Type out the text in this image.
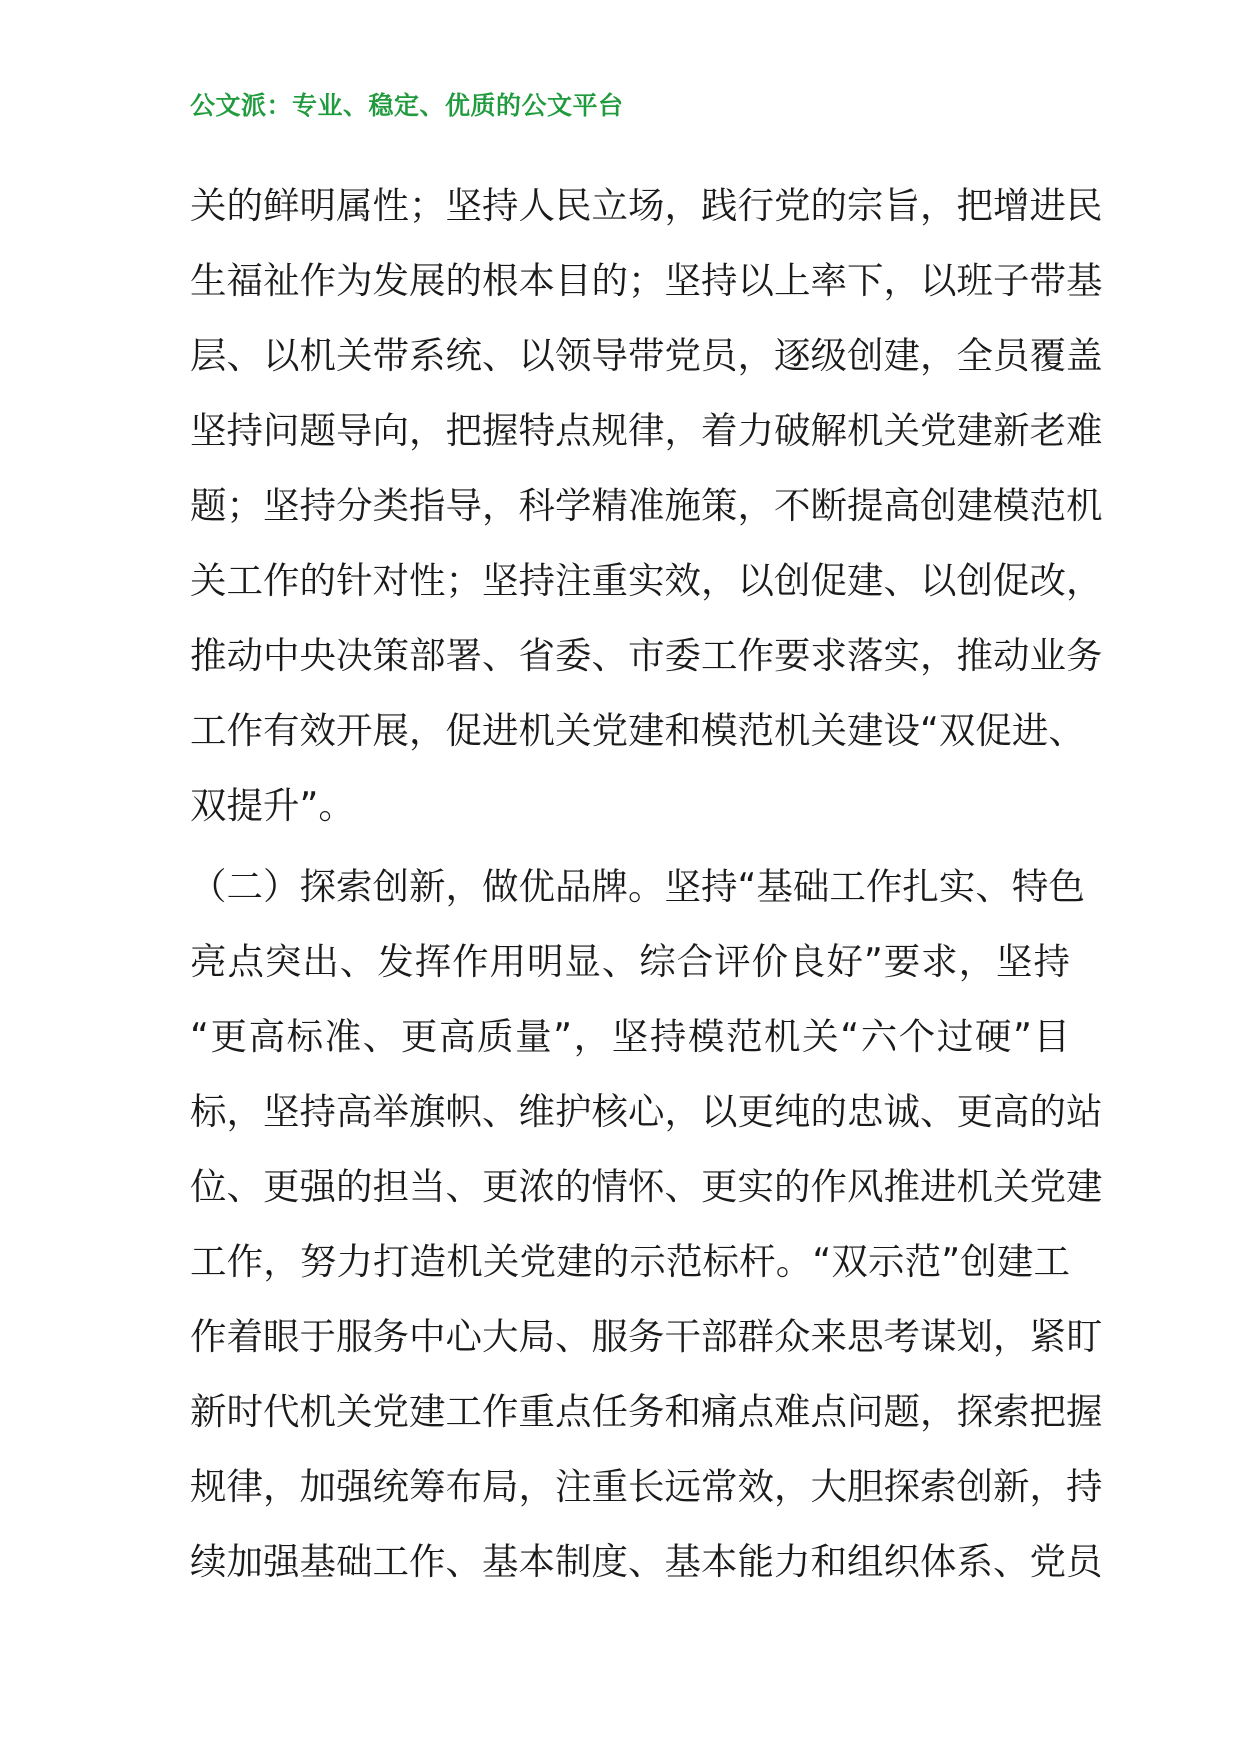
公文派：专业、稳定、优质的公文平台
关的鲜明属性；坚持人民立场，践行党的宗旨，把增进民
生福祉作为发展的根本目的；坚持以上率下，以班子带基
层、以机关带系统、以领导带党员，逐级创建，全员覆盖
坚持问题导向，把握特点规律，着力破解机关党建新老难
题；坚持分类指导，科学精准施策，不断提高创建模范机
关工作的针对性；坚持注重实效，以创促建、以创促改，
推动中央决策部署、省委、市委工作要求落实，推动业务
工作有效开展，促进机关党建和模范机关建设“双促进、
双提升”。
（二）探索创新，做优品牌。坚持“基础工作扎实、特色
亮点突出、发挥作用明显、综合评价良好”要求，坚持
“更高标准、更高质量”，坚持模范机关“六个过硬”目
标，坚持高举旗帜、维护核心，以更纯的忠诚、更高的站
位、更强的担当、更浓的情怀、更实的作风推进机关党建
工作，努力打造机关党建的示范标杆。“双示范”创建工
作着眼于服务中心大局、服务干部群众来思考谋划，紧盯
新时代机关党建工作重点任务和痛点难点问题，探索把握
规律，加强统筹布局，注重长远常效，大胆探索创新，持
续加强基础工作、基本制度、基本能力和组织体系、党员
